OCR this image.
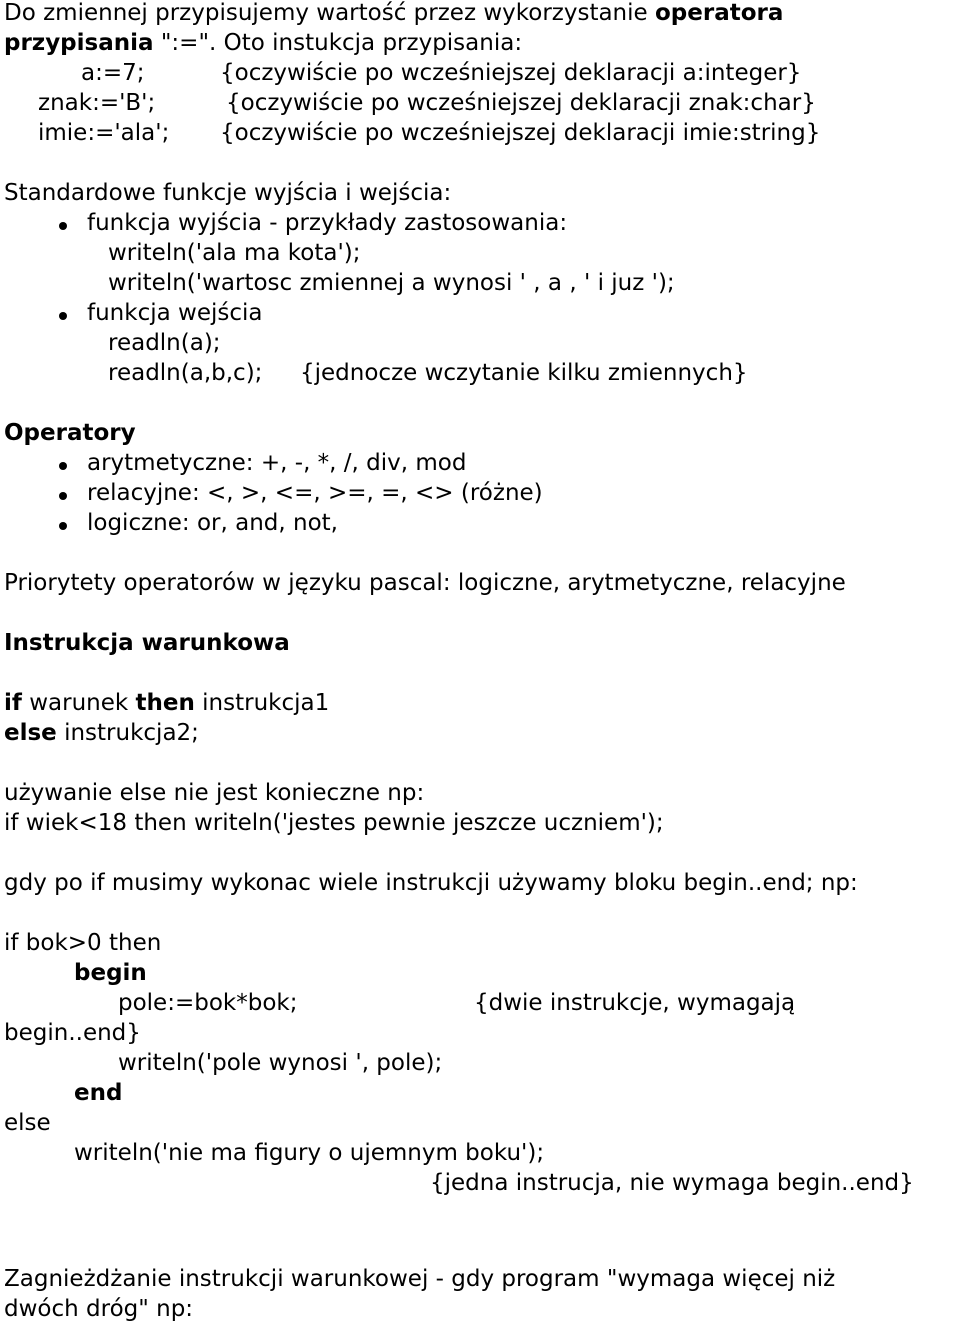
Do zmiennej przypisujemy wartość przez wykorzystanie operatora
przypisania ":=". Oto instukcja przypisania:
a:=7;	{oczywiście po wcześniejszej deklaracji a:integer}
znak:='B';	{oczywiście po wcześniejszej deklaracji znak:char}
imie:='ala'; {oczywiście po wcześniejszej deklaracji imie:string}
Standardowe funkcje wyjścia i wejścia:
funkcja wyjścia - przykłady zastosowania:
writeln('ala ma kota');
writeln('wartosc zmiennej a wynosi ' , a , ' i juz ');
funkcja wejścia
readln(a);
readln(a,b,c); {jednocze wczytanie kilku zmiennych}
Operatory
arytmetyczne: +, -, *, /, div, mod
relacyjne: <, >, <=, >=, =, <> (różne)
logiczne: or, and, not,
Priorytety operatorów w języku pascal: logiczne, arytmetyczne, relacyjne
Instrukcja warunkowa
if warunek then instrukcja1
else instrukcja2;
używanie else nie jest konieczne np:
if wiek<18 then writeln('jestes pewnie jeszcze uczniem');
gdy po if musimy wykonac wiele instrukcji używamy bloku begin..end; np:
if bok>0 then
begin
pole:=bok*bok;	{dwie instrukcje, wymagają
begin..end}
writeln('pole wynosi ', pole);
end
else
writeln('nie ma figury o ujemnym boku');
{jedna instrucja, nie wymaga begin..end}
Zagnieżdżanie instrukcji warunkowej - gdy program "wymaga więcej niż
dwóch dróg" np:
